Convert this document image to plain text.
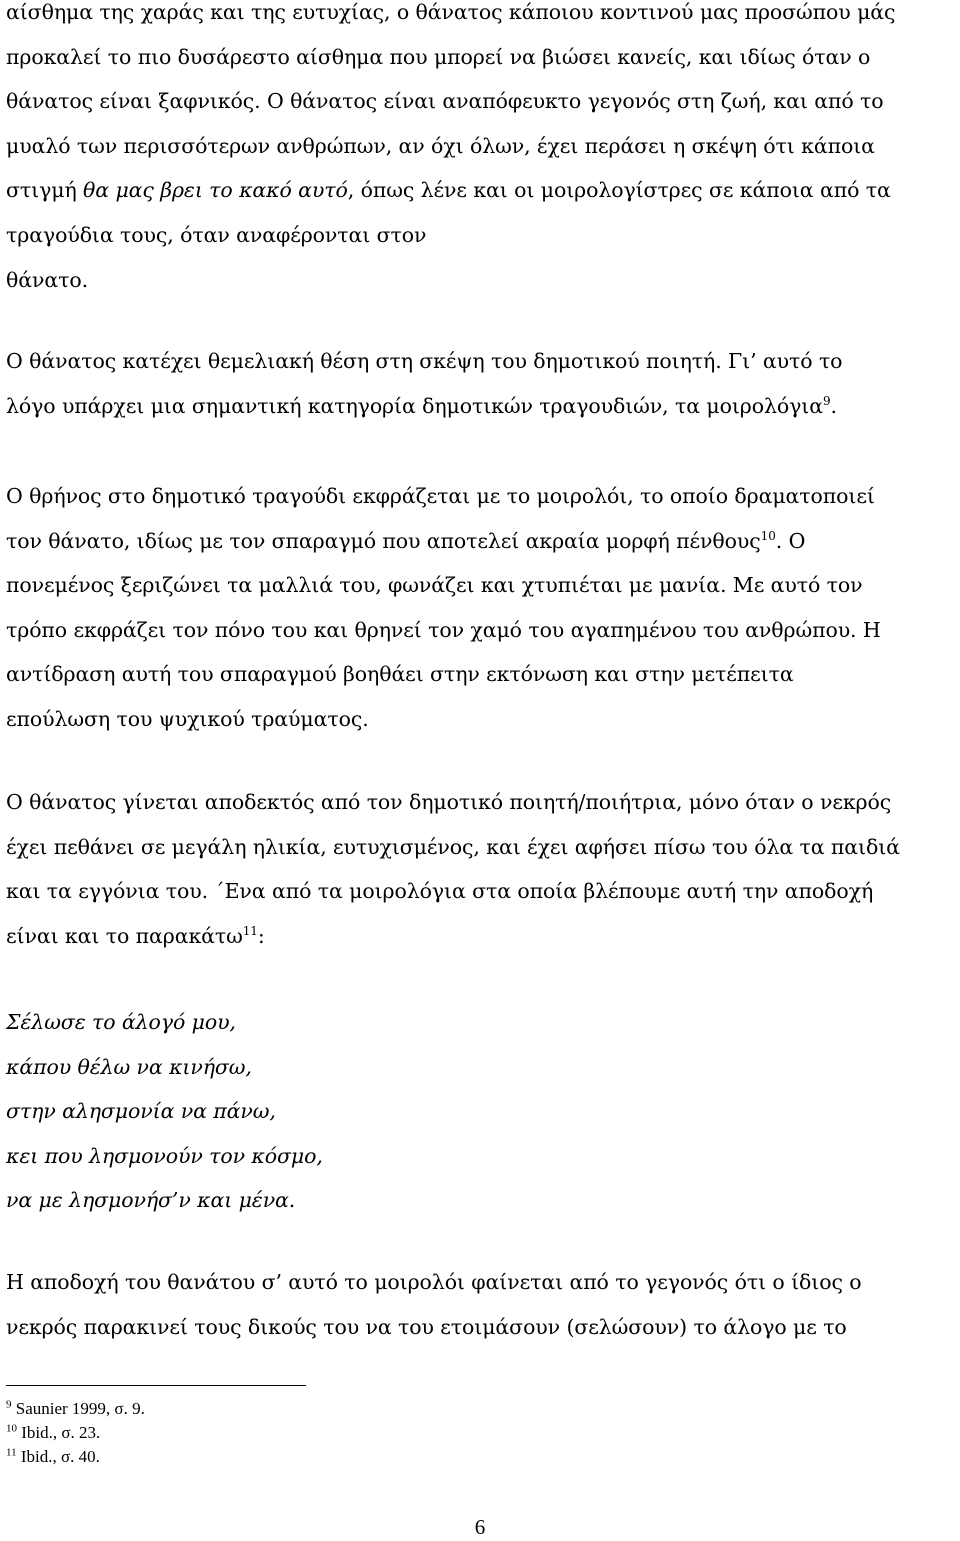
αίσθημα της χαράς και της ευτυχίας, ο θάνατος κάποιου κοντινού μας προσώπου μάς
προκαλεί το πιο δυσάρεστο αίσθημα που μπορεί να βιώσει κανείς, και ιδίως όταν ο
θάνατος είναι ξαφνικός. Ο θάνατος είναι αναπόφευκτο γεγονός στη ζωή, και από το
μυαλό των περισσότερων ανθρώπων, αν όχι όλων, έχει περάσει η σκέψη ότι κάποια
στιγμή θα μας βρει το κακό αυτό, όπως λένε και οι μοιρολογίστρες σε κάποια από τα
τραγούδια τους, όταν αναφέρονται στον
θάνατο.
Ο θάνατος κατέχει θεμελιακή θέση στη σκέψη του δημοτικού ποιητή. Γι’ αυτό το
λόγο υπάρχει μια σημαντική κατηγορία δημοτικών τραγουδιών, τα μοιρολόγια$^9$.
Ο θρήνος στο δημοτικό τραγούδι εκφράζεται με το μοιρολόι, το οποίο δραματοποιεί
τον θάνατο, ιδίως με τον σπαραγμό που αποτελεί ακραία μορφή πένθους$^{10}$. Ο
πονεμένος ξεριζώνει τα μαλλιά του, φωνάζει και χτυπιέται με μανία. Με αυτό τον
τρόπο εκφράζει τον πόνο του και θρηνεί τον χαμό του αγαπημένου του ανθρώπου. Η
αντίδραση αυτή του σπαραγμού βοηθάει στην εκτόνωση και στην μετέπειτα
επούλωση του ψυχικού τραύματος.
Ο θάνατος γίνεται αποδεκτός από τον δημοτικό ποιητή/ποιήτρια, μόνο όταν ο νεκρός
έχει πεθάνει σε μεγάλη ηλικία, ευτυχισμένος, και έχει αφήσει πίσω του όλα τα παιδιά
και τα εγγόνια του. ΄Ενα από τα μοιρολόγια στα οποία βλέπουμε αυτή την αποδοχή
είναι και το παρακάτω$^{11}$:
Σέλωσε το άλογό μου,
κάπου θέλω να κινήσω,
στην αλησμονία να πάνω,
κει που λησμονούν τον κόσμο,
να με λησμονήσ’ν και μένα.
Η αποδοχή του θανάτου σ’ αυτό το μοιρολόι φαίνεται από το γεγονός ότι ο ίδιος ο
νεκρός παρακινεί τους δικούς του να του ετοιμάσουν (σελώσουν) το άλογο με το
$^9$ Saunier 1999, σ. 9.
$^{10}$ Ibid., σ. 23.
$^{11}$ Ibid., σ. 40.
6
